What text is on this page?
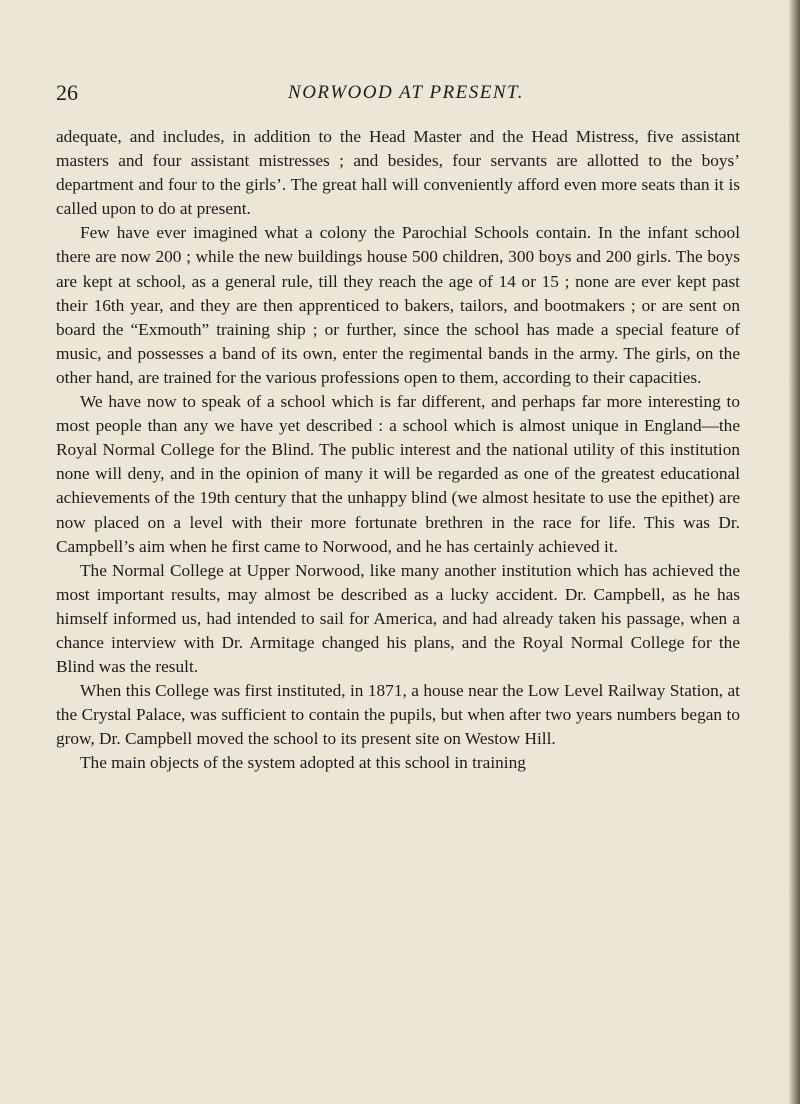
26	NORWOOD AT PRESENT.

adequate, and includes, in addition to the Head Master and the Head Mistress, five assistant masters and four assistant mistresses ; and besides, four servants are allotted to the boys’ department and four to the girls’. The great hall will conveniently afford even more seats than it is called upon to do at present.

Few have ever imagined what a colony the Parochial Schools contain. In the infant school there are now 200 ; while the new buildings house 500 children, 300 boys and 200 girls. The boys are kept at school, as a general rule, till they reach the age of 14 or 15 ; none are ever kept past their 16th year, and they are then apprenticed to bakers, tailors, and bootmakers ; or are sent on board the “Exmouth” training ship ; or further, since the school has made a special feature of music, and possesses a band of its own, enter the regimental bands in the army. The girls, on the other hand, are trained for the various professions open to them, according to their capacities.

We have now to speak of a school which is far different, and perhaps far more interesting to most people than any we have yet described : a school which is almost unique in England—the Royal Normal College for the Blind. The public interest and the national utility of this institution none will deny, and in the opinion of many it will be regarded as one of the greatest educational achievements of the 19th century that the unhappy blind (we almost hesitate to use the epithet) are now placed on a level with their more fortunate brethren in the race for life. This was Dr. Campbell’s aim when he first came to Norwood, and he has certainly achieved it.

The Normal College at Upper Norwood, like many another institution which has achieved the most important results, may almost be described as a lucky accident. Dr. Campbell, as he has himself informed us, had intended to sail for America, and had already taken his passage, when a chance interview with Dr. Armitage changed his plans, and the Royal Normal College for the Blind was the result.

When this College was first instituted, in 1871, a house near the Low Level Railway Station, at the Crystal Palace, was sufficient to contain the pupils, but when after two years numbers began to grow, Dr. Campbell moved the school to its present site on Westow Hill.

The main objects of the system adopted at this school in training
